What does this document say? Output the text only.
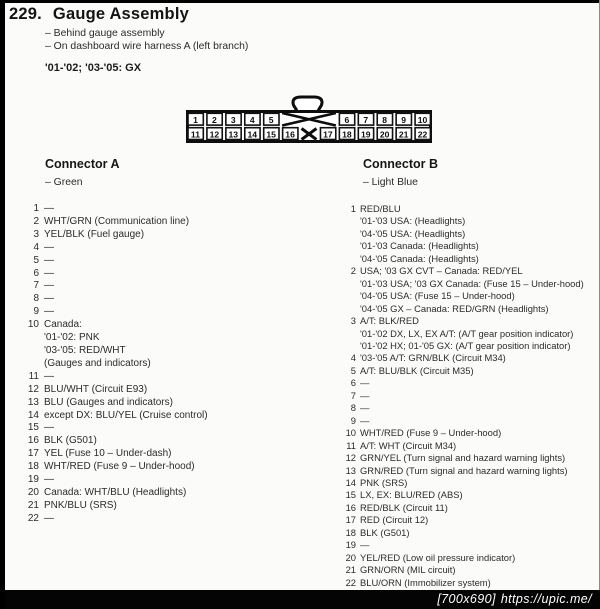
229. Gauge Assembly
– Behind gauge assembly
– On dashboard wire harness A (left branch)
'01-'02; '03-'05: GX
1 2 3 4 5	6 7 8 9 10
11 12 13 14 15 16	17 18 19 20 21 22
Connector A
– Green
1 —
2 WHT/GRN (Communication line)
3 YEL/BLK (Fuel gauge)
4 —
5 —
6 —
7 —
8 —
9 —
10 Canada:
'01-'02: PNK
'03-'05: RED/WHT
(Gauges and indicators)
11 —
12 BLU/WHT (Circuit E93)
13 BLU (Gauges and indicators)
14 except DX: BLU/YEL (Cruise control)
15 —
16 BLK (G501)
17 YEL (Fuse 10 – Under-dash)
18 WHT/RED (Fuse 9 – Under-hood)
19 —
20 Canada: WHT/BLU (Headlights)
21 PNK/BLU (SRS)
22 —
Connector B
– Light Blue
1 RED/BLU
'01-'03 USA: (Headlights)
'04-'05 USA: (Headlights)
'01-'03 Canada: (Headlights)
'04-'05 Canada: (Headlights)
2 USA; '03 GX CVT – Canada: RED/YEL
'01-'03 USA; '03 GX Canada: (Fuse 15 – Under-hood)
'04-'05 USA: (Fuse 15 – Under-hood)
'04-'05 GX – Canada: RED/GRN (Headlights)
3 A/T: BLK/RED
'01-'02 DX, LX, EX A/T: (A/T gear position indicator)
'01-'02 HX; 01-'05 GX: (A/T gear position indicator)
4 '03-'05 A/T: GRN/BLK (Circuit M34)
5 A/T: BLU/BLK (Circuit M35)
6 —
7 —
8 —
9 —
10 WHT/RED (Fuse 9 – Under-hood)
11 A/T: WHT (Circuit M34)
12 GRN/YEL (Turn signal and hazard warning lights)
13 GRN/RED (Turn signal and hazard warning lights)
14 PNK (SRS)
15 LX, EX: BLU/RED (ABS)
16 RED/BLK (Circuit 11)
17 RED (Circuit 12)
18 BLK (G501)
19 —
20 YEL/RED (Low oil pressure indicator)
21 GRN/ORN (MIL circuit)
22 BLU/ORN (Immobilizer system)
[700x690] https://upic.me/
